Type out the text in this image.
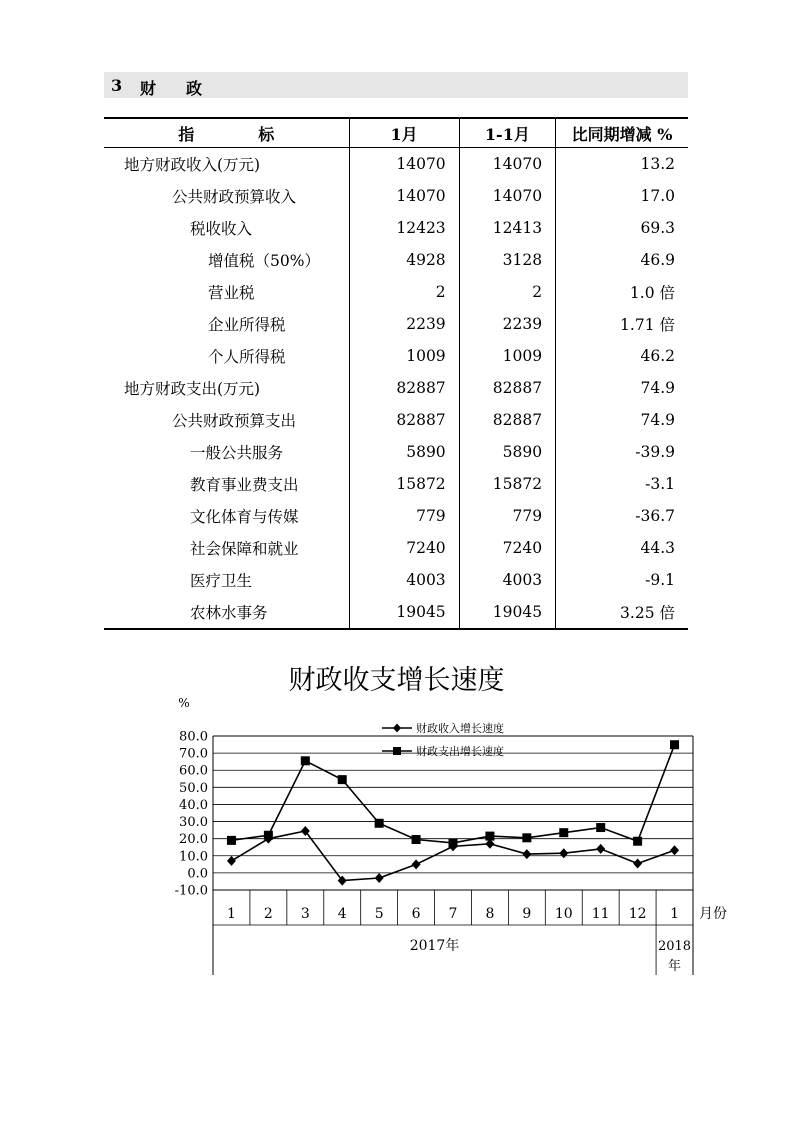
3 财政
指　　　　标	1月	1-1月	比同期增减 %
地方财政收入(万元)	14070	14070	13.2
公共财政预算收入	14070	14070	17.0
税收收入	12423	12413	69.3
增值税（50%）	4928	3128	46.9
营业税	2	2	1.0 倍
企业所得税	2239	2239	1.71 倍
个人所得税	1009	1009	46.2
地方财政支出(万元)	82887	82887	74.9
公共财政预算支出	82887	82887	74.9
一般公共服务	5890	5890	-39.9
教育事业费支出	15872	15872	-3.1
文化体育与传媒	779	779	-36.7
社会保障和就业	7240	7240	44.3
医疗卫生	4003	4003	-9.1
农林水事务	19045	19045	3.25 倍
财政收支增长速度
80.0
70.0
60.0
50.0
40.0
30.0
20.0
10.0
0.0
-10.0
%
1 2 3 4 5 6 7 8 9 10 11 12 1 月份
2017年	2018
年
财政收入增长速度
财政支出增长速度
